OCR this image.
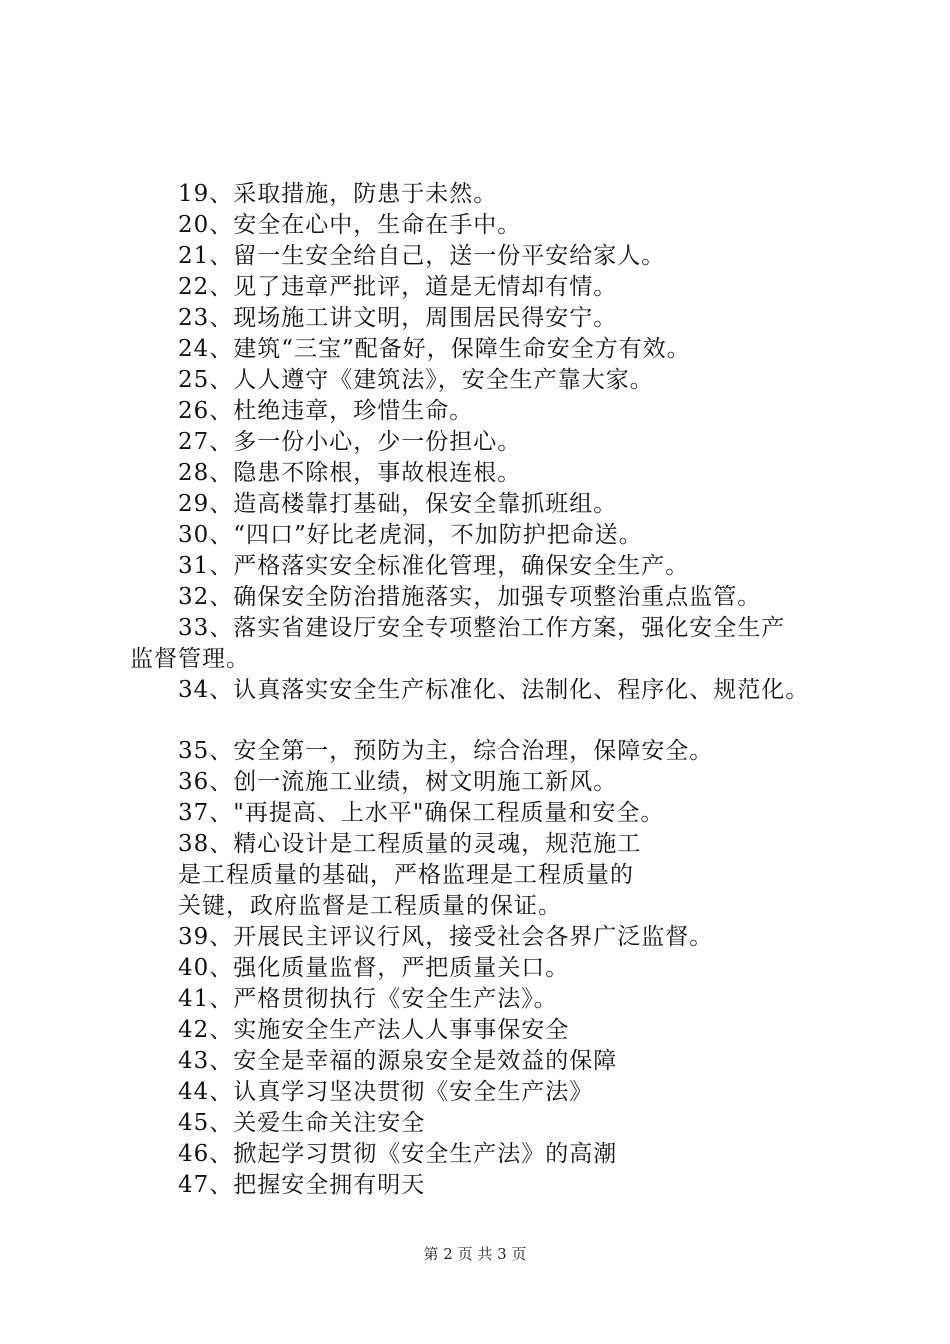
19、采取措施，防患于未然。
20、安全在心中，生命在手中。
21、留一生安全给自己，送一份平安给家人。
22、见了违章严批评，道是无情却有情。
23、现场施工讲文明，周围居民得安宁。
24、建筑“三宝”配备好，保障生命安全方有效。
25、人人遵守《建筑法》，安全生产靠大家。
26、杜绝违章，珍惜生命。
27、多一份小心，少一份担心。
28、隐患不除根，事故根连根。
29、造高楼靠打基础，保安全靠抓班组。
30、“四口”好比老虎洞，不加防护把命送。
31、严格落实安全标准化管理，确保安全生产。
32、确保安全防治措施落实，加强专项整治重点监管。
33、落实省建设厅安全专项整治工作方案，强化安全生产
监督管理。
34、认真落实安全生产标准化、法制化、程序化、规范化。
35、安全第一，预防为主，综合治理，保障安全。
36、创一流施工业绩，树文明施工新风。
37、"再提高、上水平"确保工程质量和安全。
38、精心设计是工程质量的灵魂，规范施工
是工程质量的基础，严格监理是工程质量的
关键，政府监督是工程质量的保证。
39、开展民主评议行风，接受社会各界广泛监督。
40、强化质量监督，严把质量关口。
41、严格贯彻执行《安全生产法》。
42、实施安全生产法人人事事保安全
43、安全是幸福的源泉安全是效益的保障
44、认真学习坚决贯彻《安全生产法》
45、关爱生命关注安全
46、掀起学习贯彻《安全生产法》的高潮
47、把握安全拥有明天
第 2 页 共 3 页
